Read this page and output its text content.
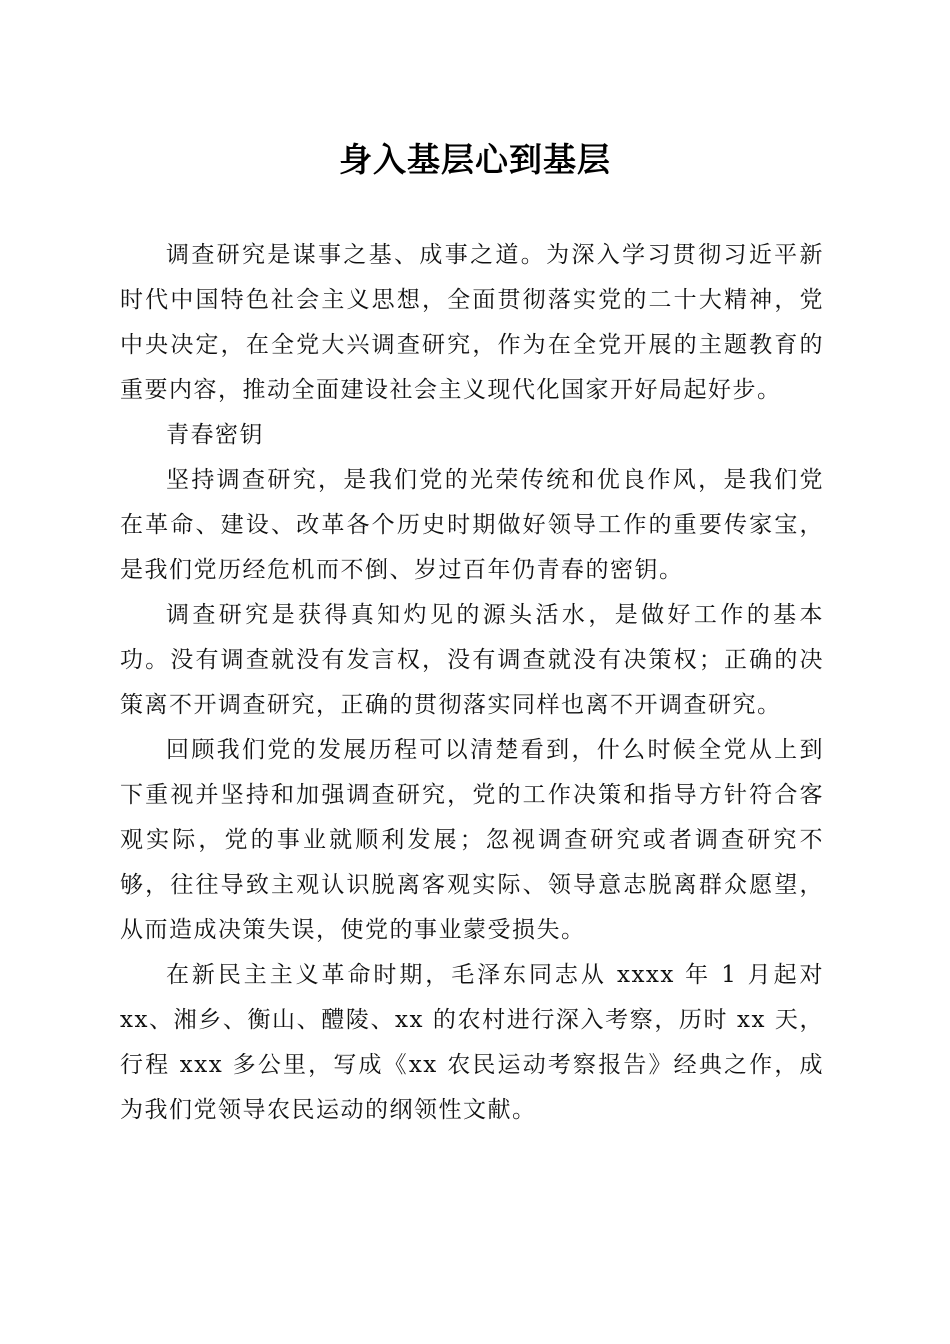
身入基层心到基层

调查研究是谋事之基、成事之道。为深入学习贯彻习近平新时代中国特色社会主义思想，全面贯彻落实党的二十大精神，党中央决定，在全党大兴调查研究，作为在全党开展的主题教育的重要内容，推动全面建设社会主义现代化国家开好局起好步。

青春密钥

坚持调查研究，是我们党的光荣传统和优良作风，是我们党在革命、建设、改革各个历史时期做好领导工作的重要传家宝，是我们党历经危机而不倒、岁过百年仍青春的密钥。

调查研究是获得真知灼见的源头活水，是做好工作的基本功。没有调查就没有发言权，没有调查就没有决策权；正确的决策离不开调查研究，正确的贯彻落实同样也离不开调查研究。

回顾我们党的发展历程可以清楚看到，什么时候全党从上到下重视并坚持和加强调查研究，党的工作决策和指导方针符合客观实际，党的事业就顺利发展；忽视调查研究或者调查研究不够，往往导致主观认识脱离客观实际、领导意志脱离群众愿望，从而造成决策失误，使党的事业蒙受损失。

在新民主主义革命时期，毛泽东同志从 xxxx 年 1 月起对 xx、湘乡、衡山、醴陵、xx 的农村进行深入考察，历时 xx 天，行程 xxx 多公里，写成《xx 农民运动考察报告》经典之作，成为我们党领导农民运动的纲领性文献。
